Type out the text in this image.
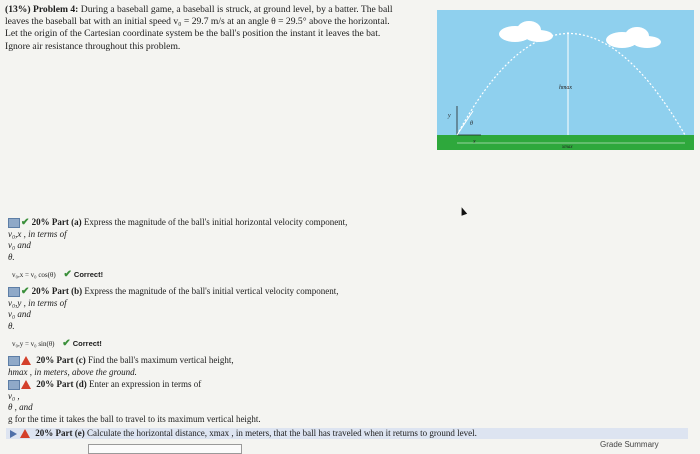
(13%) Problem 4: During a baseball game, a baseball is struck, at ground level, by a batter. The ball
leaves the baseball bat with an initial speed v₀ = 29.7 m/s at an angle θ = 29.5° above the horizontal.
Let the origin of the Cartesian coordinate system be the ball's position the instant it leaves the bat.
Ignore air resistance throughout this problem.
hmax
y
θ
x
xmax
✔ 20% Part (a) Express the magnitude of the ball's initial horizontal velocity component,
v₀,x , in terms of
v₀ and
θ.
v₀,x = v₀ cos(θ) ✔ Correct!
✔ 20% Part (b) Express the magnitude of the ball's initial vertical velocity component,
v₀,y , in terms of
v₀ and
θ.
v₀,y = v₀ sin(θ) ✔ Correct!
20% Part (c) Find the ball's maximum vertical height,
hmax , in meters, above the ground.
20% Part (d) Enter an expression in terms of
v₀ ,
θ , and
g for the time it takes the ball to travel to its maximum vertical height.
20% Part (e) Calculate the horizontal distance, xmax , in meters, that the ball has traveled when it returns to ground level.
Grade Summary
